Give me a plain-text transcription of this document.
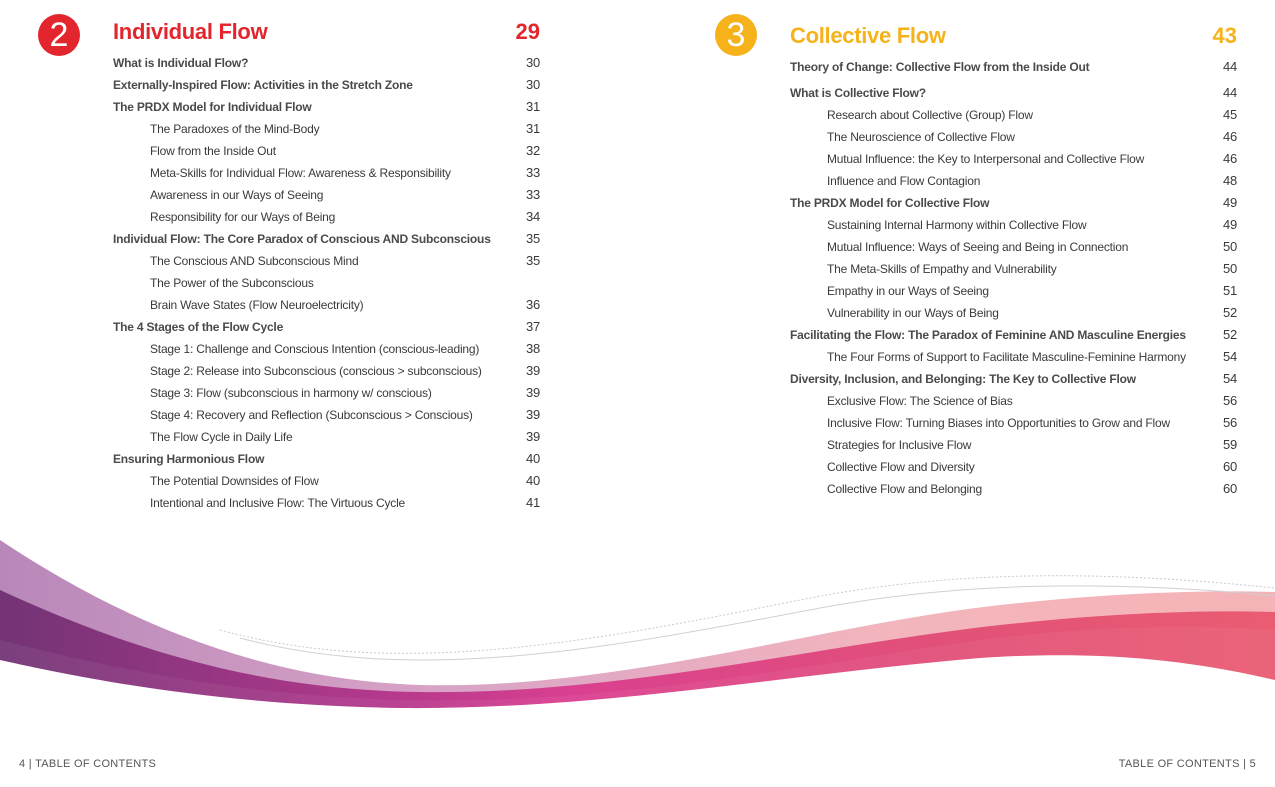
2	Individual Flow	29
What is Individual Flow?	30
Externally-Inspired Flow: Activities in the Stretch Zone	30
The PRDX Model for Individual Flow	31
The Paradoxes of the Mind-Body	31
Flow from the Inside Out	32
Meta-Skills for Individual Flow: Awareness & Responsibility	33
Awareness in our Ways of Seeing	33
Responsibility for our Ways of Being	34
Individual Flow: The Core Paradox of Conscious AND Subconscious	35
The Conscious AND Subconscious Mind	35
The Power of the Subconscious
Brain Wave States (Flow Neuroelectricity)	36
The 4 Stages of the Flow Cycle	37
Stage 1: Challenge and Conscious Intention (conscious-leading)	38
Stage 2: Release into Subconscious (conscious > subconscious)	39
Stage 3: Flow (subconscious in harmony w/ conscious)	39
Stage 4: Recovery and Reflection (Subconscious > Conscious)	39
The Flow Cycle in Daily Life	39
Ensuring Harmonious Flow	40
The Potential Downsides of Flow	40
Intentional and Inclusive Flow: The Virtuous Cycle	41
4 | TABLE OF CONTENTS
3	Collective Flow	43
Theory of Change: Collective Flow from the Inside Out	44
What is Collective Flow?	44
Research about Collective (Group) Flow	45
The Neuroscience of Collective Flow	46
Mutual Influence: the Key to Interpersonal and Collective Flow	46
Influence and Flow Contagion	48
The PRDX Model for Collective Flow	49
Sustaining Internal Harmony within Collective Flow	49
Mutual Influence: Ways of Seeing and Being in Connection	50
The Meta-Skills of Empathy and Vulnerability	50
Empathy in our Ways of Seeing	51
Vulnerability in our Ways of Being	52
Facilitating the Flow: The Paradox of Feminine AND Masculine Energies	52
The Four Forms of Support to Facilitate Masculine-Feminine Harmony	54
Diversity, Inclusion, and Belonging: The Key to Collective Flow	54
Exclusive Flow: The Science of Bias	56
Inclusive Flow: Turning Biases into Opportunities to Grow and Flow	56
Strategies for Inclusive Flow	59
Collective Flow and Diversity	60
Collective Flow and Belonging	60
TABLE OF CONTENTS | 5
